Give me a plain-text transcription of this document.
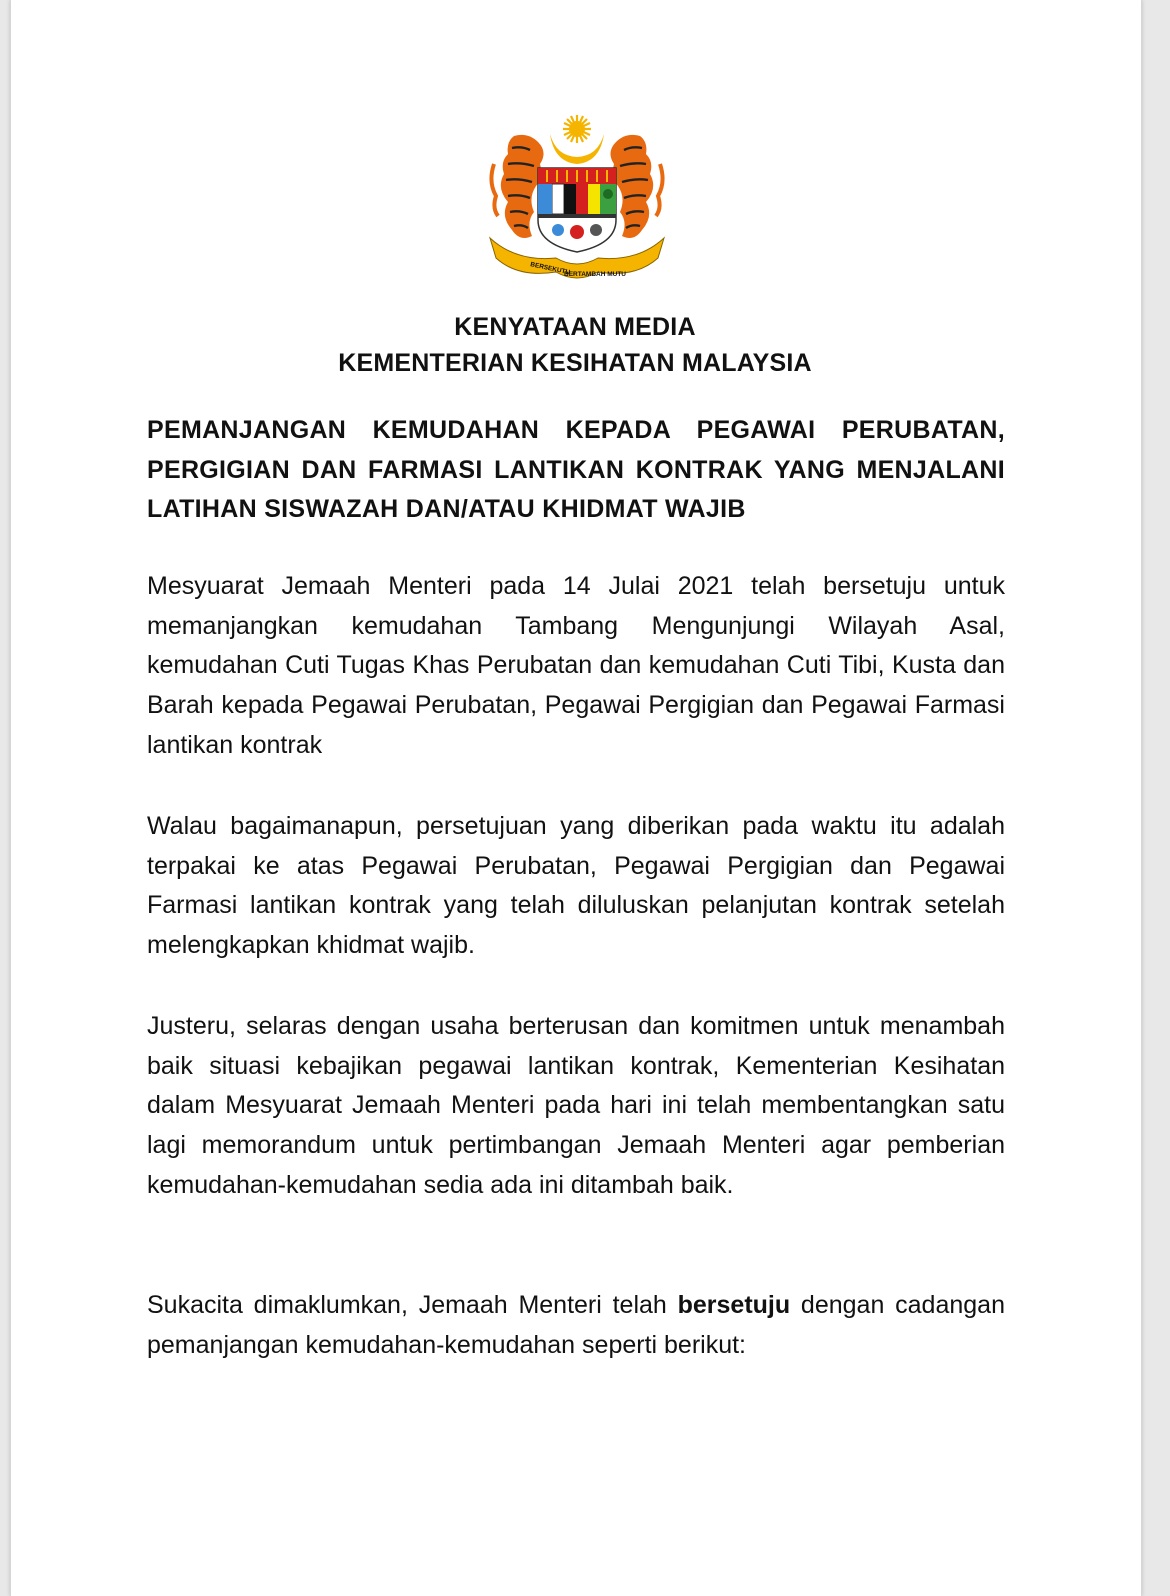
BERSEKUTU
BERTAMBAH MUTU
KENYATAAN MEDIA
KEMENTERIAN KESIHATAN MALAYSIA
PEMANJANGAN KEMUDAHAN KEPADA PEGAWAI PERUBATAN, PERGIGIAN DAN FARMASI LANTIKAN KONTRAK YANG MENJALANI LATIHAN SISWAZAH DAN/ATAU KHIDMAT WAJIB
Mesyuarat Jemaah Menteri pada 14 Julai 2021 telah bersetuju untuk memanjangkan kemudahan Tambang Mengunjungi Wilayah Asal, kemudahan Cuti Tugas Khas Perubatan dan kemudahan Cuti Tibi, Kusta dan Barah kepada Pegawai Perubatan, Pegawai Pergigian dan Pegawai Farmasi lantikan kontrak
Walau bagaimanapun, persetujuan yang diberikan pada waktu itu adalah terpakai ke atas Pegawai Perubatan, Pegawai Pergigian dan Pegawai Farmasi lantikan kontrak yang telah diluluskan pelanjutan kontrak setelah melengkapkan khidmat wajib.
Justeru, selaras dengan usaha berterusan dan komitmen untuk menambah baik situasi kebajikan pegawai lantikan kontrak, Kementerian Kesihatan dalam Mesyuarat Jemaah Menteri pada hari ini telah membentangkan satu lagi memorandum untuk pertimbangan Jemaah Menteri agar pemberian kemudahan-kemudahan sedia ada ini ditambah baik.
Sukacita dimaklumkan, Jemaah Menteri telah bersetuju dengan cadangan pemanjangan kemudahan-kemudahan seperti berikut:
